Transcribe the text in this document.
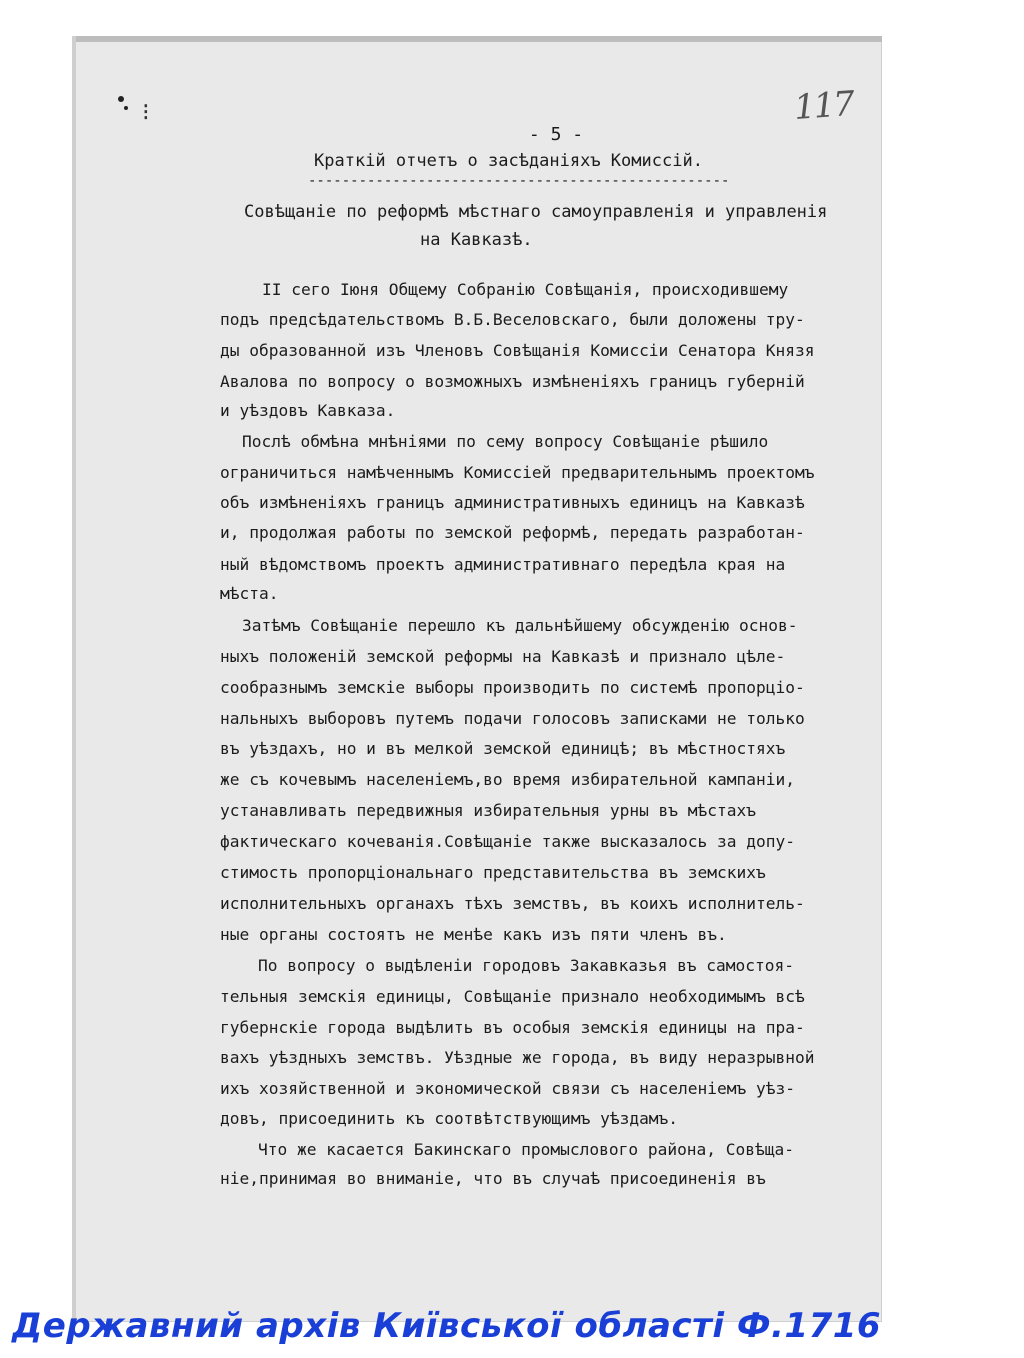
⁝	117
- 5 -
Краткій отчетъ о засѣданіяхъ Комиссій.
--------------------------------------------------
Совѣщаніе по реформѣ мѣстнаго самоуправленія и управленія
на Кавказѣ.
II сего Іюня Общему Собранію Совѣщанія, происходившему
подъ предсѣдательствомъ В.Б.Веселовскаго, были доложены тру-
ды образованной изъ Членовъ Совѣщанія Комиссіи Сенатора Князя
Авалова по вопросу о возможныхъ измѣненіяхъ границъ губерній
и уѣздовъ Кавказа.
Послѣ обмѣна мнѣніями по сему вопросу Совѣщаніе рѣшило
ограничиться намѣченнымъ Комиссіей предварительнымъ проектомъ
объ измѣненіяхъ границъ административныхъ единицъ на Кавказѣ
и, продолжая работы по земской реформѣ, передать разработан-
ный вѣдомствомъ проектъ административнаго передѣла края на
мѣста.
Затѣмъ Совѣщаніе перешло къ дальнѣйшему обсужденію основ-
ныхъ положеній земской реформы на Кавказѣ и признало цѣле-
сообразнымъ земскіе выборы производить по системѣ пропорціо-
нальныхъ выборовъ путемъ подачи голосовъ записками не только
въ уѣздахъ, но и въ мелкой земской единицѣ; въ мѣстностяхъ
же съ кочевымъ населеніемъ,во время избирательной кампаніи,
устанавливать передвижныя избирательныя урны въ мѣстахъ
фактическаго кочеванія.Совѣщаніе также высказалось за допу-
стимость пропорціональнаго представительства въ земскихъ
исполнительныхъ органахъ тѣхъ земствъ, въ коихъ исполнитель-
ные органы состоятъ не менѣе какъ изъ пяти членъ въ.
По вопросу о выдѣленіи городовъ Закавказья въ самостоя-
тельныя земскія единицы, Совѣщаніе признало необходимымъ всѣ
губернскіе города выдѣлить въ особыя земскія единицы на пра-
вахъ уѣздныхъ земствъ. Уѣздные же города, въ виду неразрывной
ихъ хозяйственной и экономической связи съ населеніемъ уѣз-
довъ, присоединить къ соотвѣтствующимъ уѣздамъ.
Что же касается Бакинскаго промыслового района, Совѣща-
ніе,принимая во вниманіе, что въ случаѣ присоединенія въ
Державний архів Київської області Ф.1716
